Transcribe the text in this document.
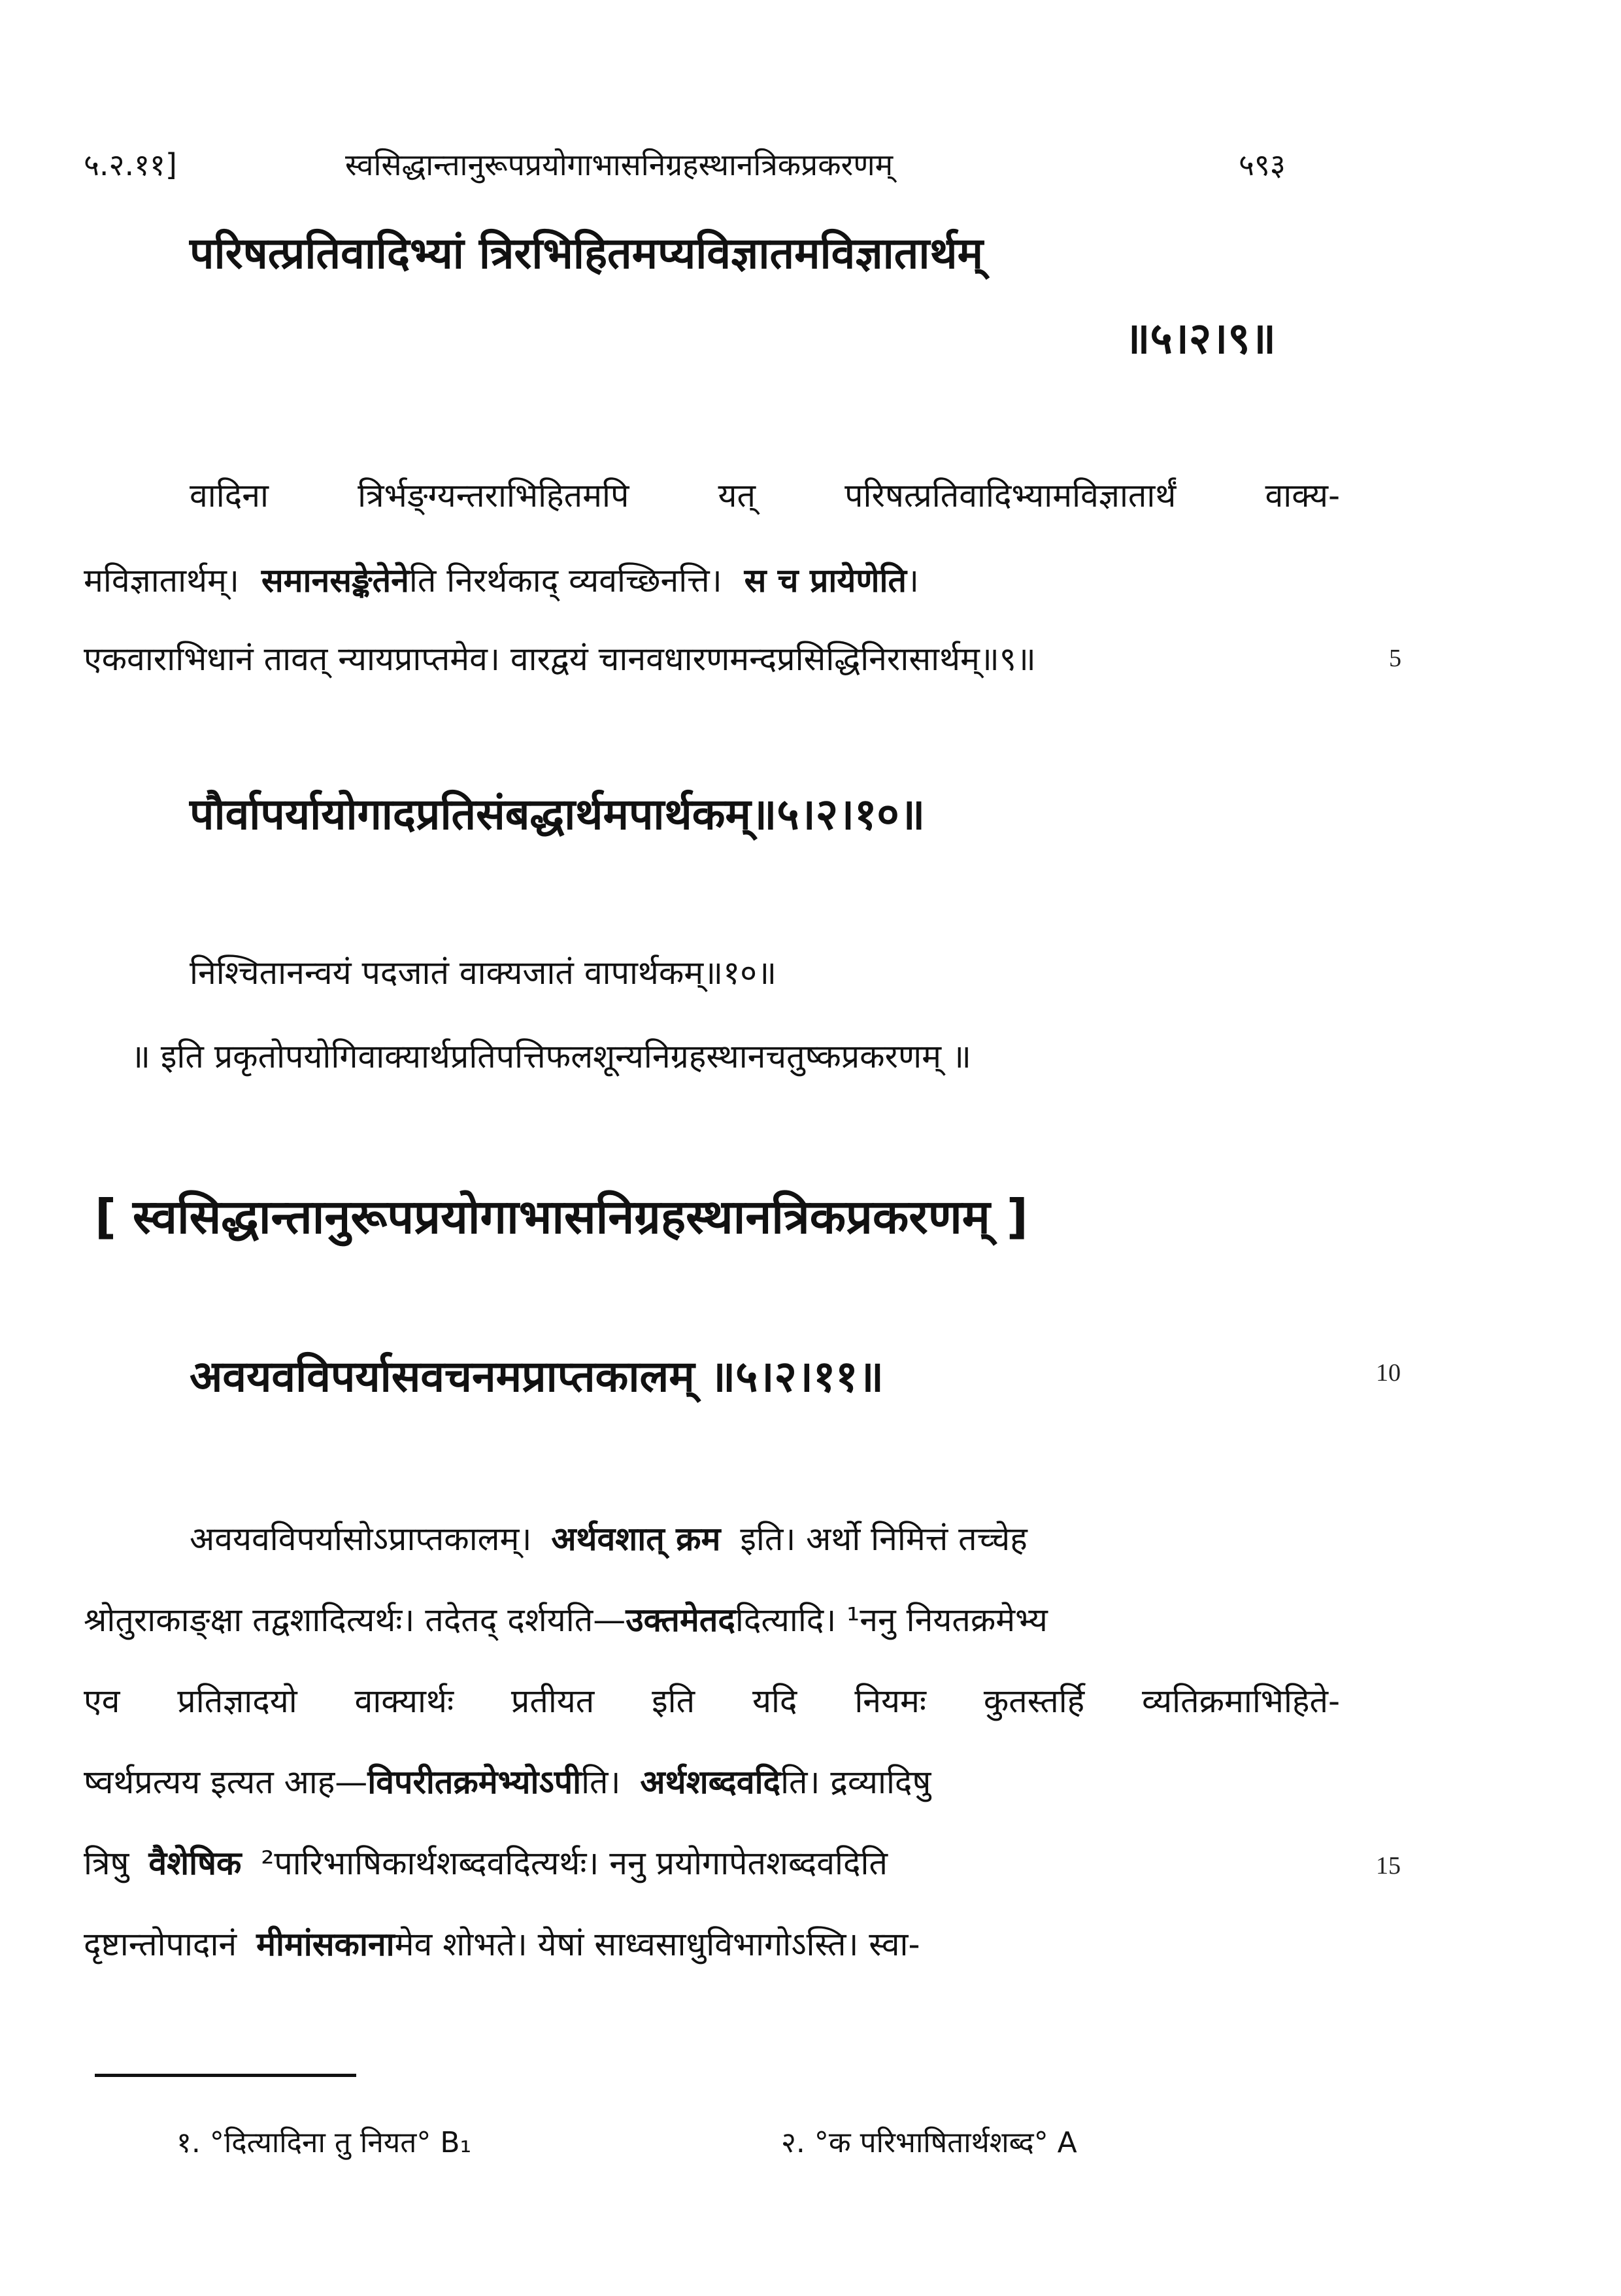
५.२.११]	स्वसिद्धान्तानुरूपप्रयोगाभासनिग्रहस्थानत्रिकप्रकरणम्	५९३
परिषत्प्रतिवादिभ्यां त्रिरभिहितमप्यविज्ञातमविज्ञातार्थम्
॥५।२।९॥
वादिना त्रिर्भङ्ग्यन्तराभिहितमपि यत् परिषत्प्रतिवादिभ्यामविज्ञातार्थं वाक्य-
मविज्ञातार्थम्। समानसङ्केतेनेति निरर्थकाद् व्यवच्छिनत्ति। स च प्रायेणेति।
एकवाराभिधानं तावत् न्यायप्राप्तमेव। वारद्वयं चानवधारणमन्दप्रसिद्धिनिरासार्थम्॥९॥	5
पौर्वापर्यायोगादप्रतिसंबद्धार्थमपार्थकम्॥५।२।१०॥
निश्चितानन्वयं पदजातं वाक्यजातं वापार्थकम्॥१०॥
॥ इति प्रकृतोपयोगिवाक्यार्थप्रतिपत्तिफलशून्यनिग्रहस्थानचतुष्कप्रकरणम् ॥
[ स्वसिद्धान्तानुरूपप्रयोगाभासनिग्रहस्थानत्रिकप्रकरणम् ]
अवयवविपर्यासवचनमप्राप्तकालम् ॥५।२।११॥	10
अवयवविपर्यासोऽप्राप्तकालम्। अर्थवशात् क्रम इति। अर्थो निमित्तं तच्चेह
श्रोतुराकाङ्क्षा तद्वशादित्यर्थः। तदेतद् दर्शयति—उक्तमेतददित्यादि। ¹ननु नियतक्रमेभ्य
एव प्रतिज्ञादयो वाक्यार्थः प्रतीयत इति यदि नियमः कुतस्तर्हि व्यतिक्रमाभिहिते-
ष्वर्थप्रत्यय इत्यत आह—विपरीतक्रमेभ्योऽपीति। अर्थशब्दवदिति। द्रव्यादिषु
त्रिषु वैशेषिक ²पारिभाषिकार्थशब्दवदित्यर्थः। ननु प्रयोगापेतशब्दवदिति	15
दृष्टान्तोपादानं मीमांसकानामेव शोभते। येषां साध्वसाधुविभागोऽस्ति। स्वा-
१. °दित्यादिना तु नियत° B₁	२. °क परिभाषितार्थशब्द° A
